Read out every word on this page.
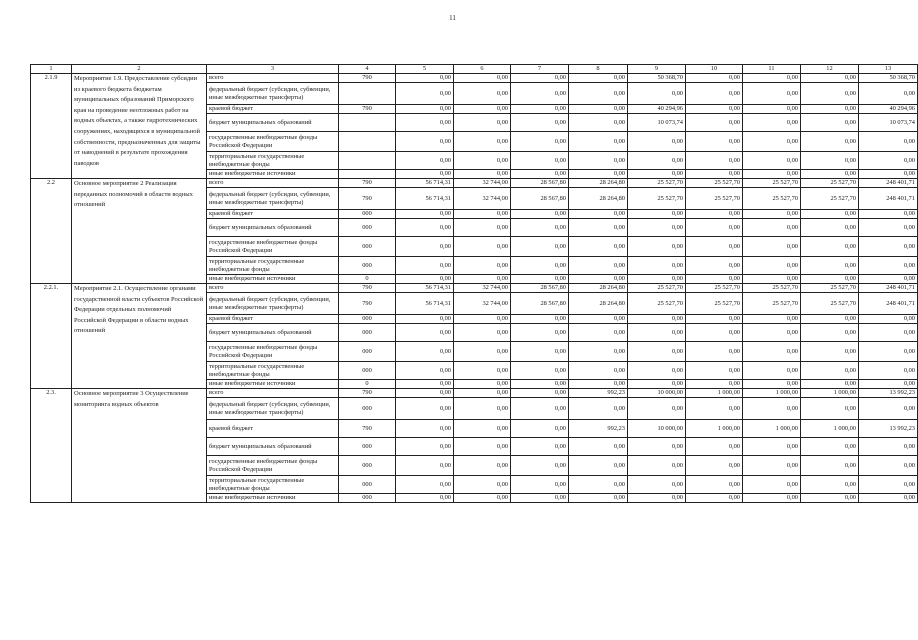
11
1	2	3	4	5	6	7	8	9	10	11	12	13
2.1.9	Мероприятие 1.9. Предоставление субсидии из краевого бюджета бюджетам муниципальных образований Приморского края на проведение неотложных работ на водных объектах, а также гидротехнических сооружениях, находящихся в муниципальной собственности, предназначенных для защиты от наводнений в результате прохождения паводков	всего	790	0,00	0,00	0,00	0,00	50 368,70	0,00	0,00	0,00	50 368,70
		федеральный бюджет (субсидии, субвенции, иные межбюджетные трансферты)		0,00	0,00	0,00	0,00	0,00	0,00	0,00	0,00	0,00
		краевой бюджет	790	0,00	0,00	0,00	0,00	40 294,96	0,00	0,00	0,00	40 294,96
		бюджет муниципальных образований		0,00	0,00	0,00	0,00	10 073,74	0,00	0,00	0,00	10 073,74
		государственные внебюджетные фонды Российской Федерации		0,00	0,00	0,00	0,00	0,00	0,00	0,00	0,00	0,00
		территориальные государственные внебюджетные фонды		0,00	0,00	0,00	0,00	0,00	0,00	0,00	0,00	0,00
		иные внебюджетные источники		0,00	0,00	0,00	0,00	0,00	0,00	0,00	0,00	0,00
2.2	Основное мероприятие 2 Реализация переданных полномочий в области водных отношений	всего	790	56 714,31	32 744,00	28 567,80	28 264,80	25 527,70	25 527,70	25 527,70	25 527,70	248 401,71
		федеральный бюджет (субсидии, субвенции, иные межбюджетные трансферты)	790	56 714,31	32 744,00	28 567,80	28 264,80	25 527,70	25 527,70	25 527,70	25 527,70	248 401,71
		краевой бюджет	000	0,00	0,00	0,00	0,00	0,00	0,00	0,00	0,00	0,00
		бюджет муниципальных образований	000	0,00	0,00	0,00	0,00	0,00	0,00	0,00	0,00	0,00
		государственные внебюджетные фонды Российской Федерации	000	0,00	0,00	0,00	0,00	0,00	0,00	0,00	0,00	0,00
		территориальные государственные внебюджетные фонды	000	0,00	0,00	0,00	0,00	0,00	0,00	0,00	0,00	0,00
		иные внебюджетные источники	0	0,00	0,00	0,00	0,00	0,00	0,00	0,00	0,00	0,00
2.2.1.	Мероприятие 2.1. Осуществление органами государственной власти субъектов Российской Федерации отдельных полномочий Российской Федерации в области водных отношений	всего	790	56 714,31	32 744,00	28 567,80	28 264,80	25 527,70	25 527,70	25 527,70	25 527,70	248 401,71
		федеральный бюджет (субсидии, субвенции, иные межбюджетные трансферты)	790	56 714,31	32 744,00	28 567,80	28 264,80	25 527,70	25 527,70	25 527,70	25 527,70	248 401,71
		краевой бюджет	000	0,00	0,00	0,00	0,00	0,00	0,00	0,00	0,00	0,00
		бюджет муниципальных образований	000	0,00	0,00	0,00	0,00	0,00	0,00	0,00	0,00	0,00
		государственные внебюджетные фонды Российской Федерации	000	0,00	0,00	0,00	0,00	0,00	0,00	0,00	0,00	0,00
		территориальные государственные внебюджетные фонды	000	0,00	0,00	0,00	0,00	0,00	0,00	0,00	0,00	0,00
		иные внебюджетные источники	0	0,00	0,00	0,00	0,00	0,00	0,00	0,00	0,00	0,00
2.3.	Основное мероприятие 3 Осуществление мониторинга водных объектов	всего	790	0,00	0,00	0,00	992,23	10 000,00	1 000,00	1 000,00	1 000,00	13 992,23
		федеральный бюджет (субсидии, субвенции, иные межбюджетные трансферты)	000	0,00	0,00	0,00	0,00	0,00	0,00	0,00	0,00	0,00
		краевой бюджет	790	0,00	0,00	0,00	992,23	10 000,00	1 000,00	1 000,00	1 000,00	13 992,23
		бюджет муниципальных образований	000	0,00	0,00	0,00	0,00	0,00	0,00	0,00	0,00	0,00
		государственные внебюджетные фонды Российской Федерации	000	0,00	0,00	0,00	0,00	0,00	0,00	0,00	0,00	0,00
		территориальные государственные внебюджетные фонды	000	0,00	0,00	0,00	0,00	0,00	0,00	0,00	0,00	0,00
		иные внебюджетные источники	000	0,00	0,00	0,00	0,00	0,00	0,00	0,00	0,00	0,00
